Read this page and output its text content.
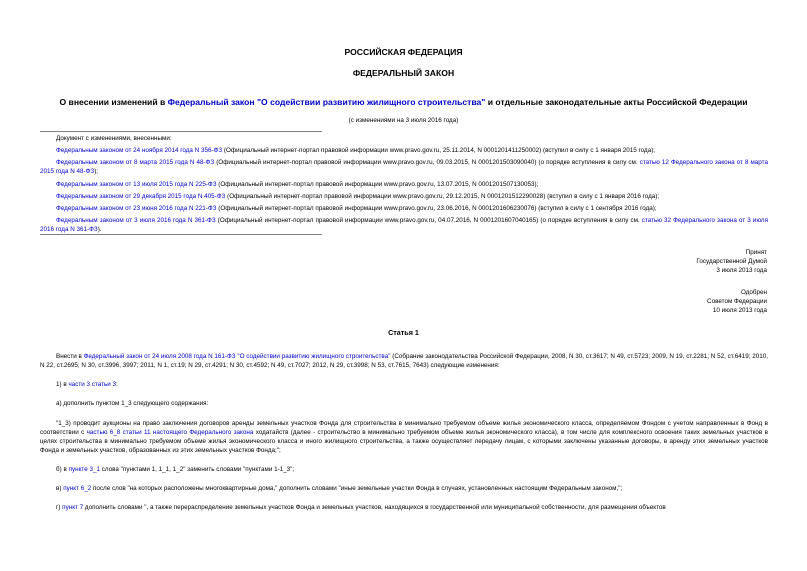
РОССИЙСКАЯ ФЕДЕРАЦИЯ
ФЕДЕРАЛЬНЫЙ ЗАКОН
О внесении изменений в Федеральный закон "О содействии развитию жилищного строительства" и отдельные законодательные акты Российской Федерации
(с изменениями на 3 июля 2016 года)
Документ с изменениями, внесенными:
Федеральным законом от 24 ноября 2014 года N 356-ФЗ (Официальный интернет-портал правовой информации www.pravo.gov.ru, 25.11.2014, N 0001201411250002) (вступил в силу с 1 января 2015 года);
Федеральным законом от 8 марта 2015 года N 48-ФЗ (Официальный интернет-портал правовой информации www.pravo.gov.ru, 09.03.2015, N 0001201503090040) (о порядке вступления в силу см. статью 12 Федерального закона от 8 марта 2015 года N 48-ФЗ);
Федеральным законом от 13 июля 2015 года N 225-ФЗ (Официальный интернет-портал правовой информации www.pravo.gov.ru, 13.07.2015, N 0001201507130053);
Федеральным законом от 29 декабря 2015 года N 405-ФЗ (Официальный интернет-портал правовой информации www.pravo.gov.ru, 29.12.2015, N 0001201512290028) (вступил в силу с 1 января 2016 года);
Федеральным законом от 23 июня 2016 года N 221-ФЗ (Официальный интернет-портал правовой информации www.pravo.gov.ru, 23.06.2016, N 0001201606230076) (вступил в силу с 1 сентября 2016 года);
Федеральным законом от 3 июля 2016 года N 361-ФЗ (Официальный интернет-портал правовой информации www.pravo.gov.ru, 04.07.2016, N 0001201607040165) (о порядке вступления в силу см. статью 32 Федерального закона от 3 июля 2016 года N 361-ФЗ).
Принят
Государственной Думой
3 июля 2013 года
Одобрен
Советом Федерации
10 июля 2013 года
Статья 1
Внести в Федеральный закон от 24 июля 2008 года N 161-ФЗ "О содействии развитию жилищного строительства" (Собрание законодательства Российской Федерации, 2008, N 30, ст.3617; N 49, ст.5723; 2009, N 19, ст.2281; N 52, ст.6419; 2010, N 22, ст.2695; N 30, ст.3996, 3997; 2011, N 1, ст.19; N 29, ст.4291; N 30, ст.4592; N 49, ст.7027; 2012, N 29, ст.3998; N 53, ст.7615, 7643) следующие изменения:
1) в части 3 статьи 3:
а) дополнить пунктом 1_3 следующего содержания:
"1_3) проводит аукционы на право заключения договоров аренды земельных участков Фонда для строительства в минимально требуемом объеме жилья экономического класса, определяемом Фондом с учетом направленных в Фонд в соответствии с частью 6_8 статьи 11 настоящего Федерального закона ходатайств (далее - строительство в минимально требуемом объеме жилья экономического класса), в том числе для комплексного освоения таких земельных участков в целях строительства в минимально требуемом объеме жилья экономического класса и иного жилищного строительства, а также осуществляет передачу лицам, с которыми заключены указанные договоры, в аренду этих земельных участков Фонда и земельных участков, образованных из этих земельных участков Фонда;";
б) в пункте 3_1 слова "пунктами 1, 1_1, 1_2" заменить словами "пунктами 1-1_3";
в) пункт 6_2 после слов "на которых расположены многоквартирные дома," дополнить словами "иные земельные участки Фонда в случаях, установленных настоящим Федеральным законом,";
г) пункт 7 дополнить словами ", а также перераспределение земельных участков Фонда и земельных участков, находящихся в государственной или муниципальной собственности, для размещения объектов
